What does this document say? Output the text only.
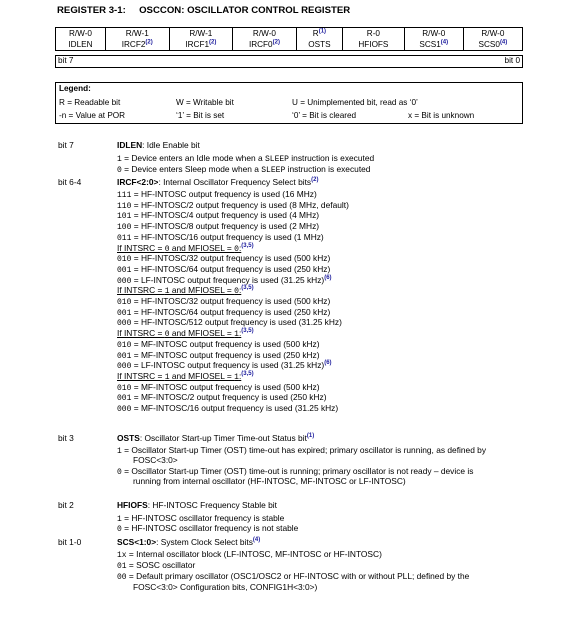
REGISTER 3-1:     OSCCON: OSCILLATOR CONTROL REGISTER
R/W-0	R/W-1	R/W-1	R/W-0	$R^{(1)}$	R-0	R/W-0	R/W-0
IDLEN	IRCF2$^{(2)}$	IRCF1$^{(2)}$	IRCF0$^{(2)}$	OSTS	HFIOFS	SCS1$^{(4)}$	SCS0$^{(4)}$
bit 7	bit 0
Legend:
R = Readable bit	W = Writable bit	U = Unimplemented bit, read as ‘0’
-n = Value at POR	‘1’ = Bit is set	‘0’ = Bit is cleared	x = Bit is unknown
bit 7	IDLEN: Idle Enable bit
1 = Device enters an Idle mode when a SLEEP instruction is executed
0 = Device enters Sleep mode when a SLEEP instruction is executed
bit 6-4	IRCF<2:0>: Internal Oscillator Frequency Select bits$^{(2)}$
111 = HF-INTOSC output frequency is used (16 MHz)
110 = HF-INTOSC/2 output frequency is used (8 MHz, default)
101 = HF-INTOSC/4 output frequency is used (4 MHz)
100 = HF-INTOSC/8 output frequency is used (2 MHz)
011 = HF-INTOSC/16 output frequency is used (1 MHz)
If INTSRC = 0 and MFIOSEL = 0:$^{(3,5)}$
010 = HF-INTOSC/32 output frequency is used (500 kHz)
001 = HF-INTOSC/64 output frequency is used (250 kHz)
000 = LF-INTOSC output frequency is used (31.25 kHz)$^{(6)}$
If INTSRC = 1 and MFIOSEL = 0:$^{(3,5)}$
010 = HF-INTOSC/32 output frequency is used (500 kHz)
001 = HF-INTOSC/64 output frequency is used (250 kHz)
000 = HF-INTOSC/512 output frequency is used (31.25 kHz)
If INTSRC = 0 and MFIOSEL = 1:$^{(3,5)}$
010 = MF-INTOSC output frequency is used (500 kHz)
001 = MF-INTOSC output frequency is used (250 kHz)
000 = LF-INTOSC output frequency is used (31.25 kHz)$^{(6)}$
If INTSRC = 1 and MFIOSEL = 1:$^{(3,5)}$
010 = MF-INTOSC output frequency is used (500 kHz)
001 = MF-INTOSC/2 output frequency is used (250 kHz)
000 = MF-INTOSC/16 output frequency is used (31.25 kHz)
bit 3	OSTS: Oscillator Start-up Timer Time-out Status bit$^{(1)}$
1 = Oscillator Start-up Timer (OST) time-out has expired; primary oscillator is running, as defined by
FOSC<3:0>
0 = Oscillator Start-up Timer (OST) time-out is running; primary oscillator is not ready – device is
running from internal oscillator (HF-INTOSC, MF-INTOSC or LF-INTOSC)
bit 2	HFIOFS: HF-INTOSC Frequency Stable bit
1 = HF-INTOSC oscillator frequency is stable
0 = HF-INTOSC oscillator frequency is not stable
bit 1-0	SCS<1:0>: System Clock Select bits$^{(4)}$
1x = Internal oscillator block (LF-INTOSC, MF-INTOSC or HF-INTOSC)
01 = SOSC oscillator
00 = Default primary oscillator (OSC1/OSC2 or HF-INTOSC with or without PLL; defined by the
FOSC<3:0> Configuration bits, CONFIG1H<3:0>)
